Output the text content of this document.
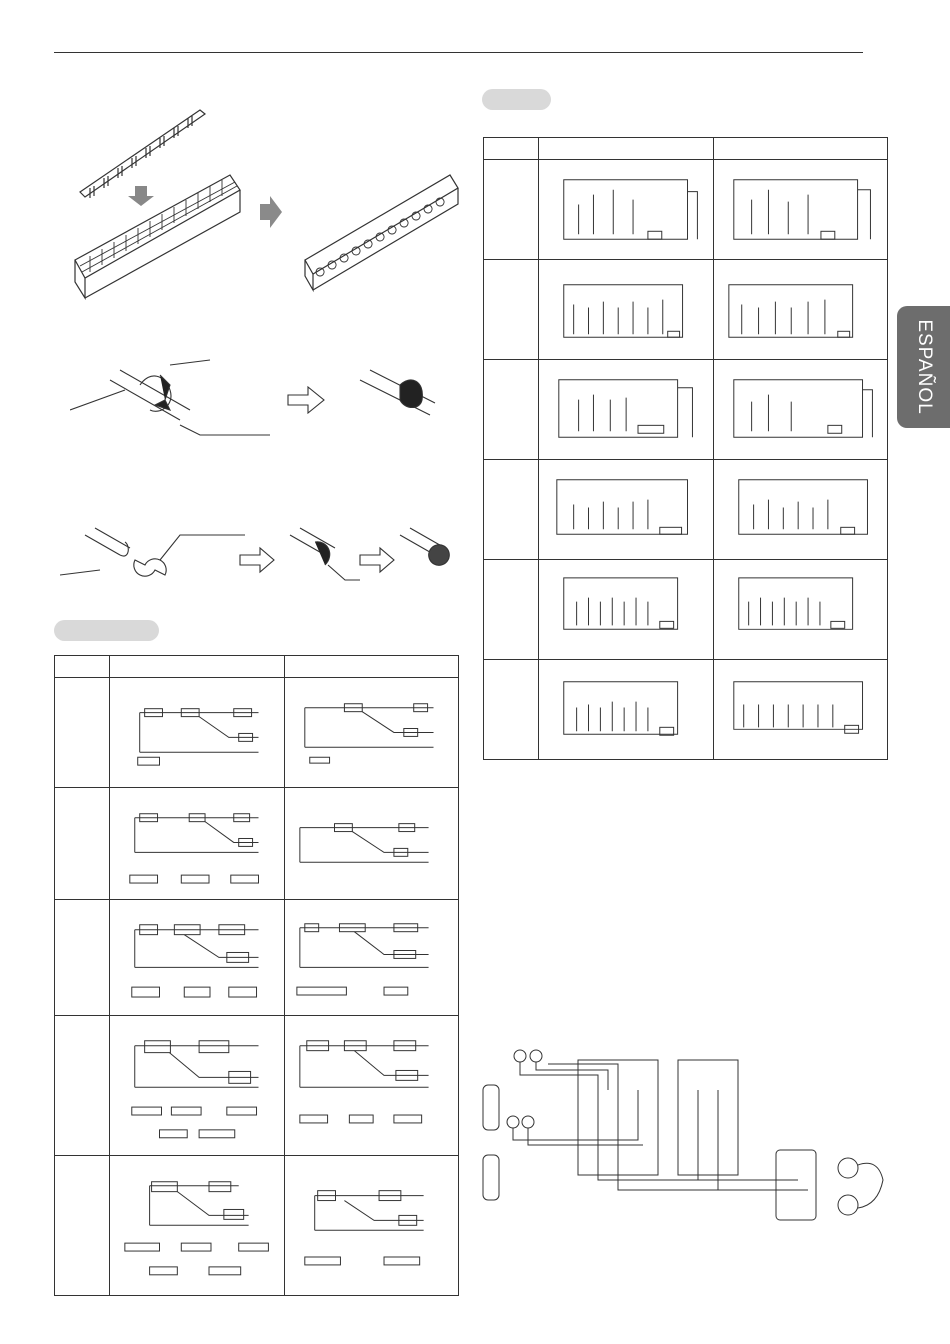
ESPAÑOL
